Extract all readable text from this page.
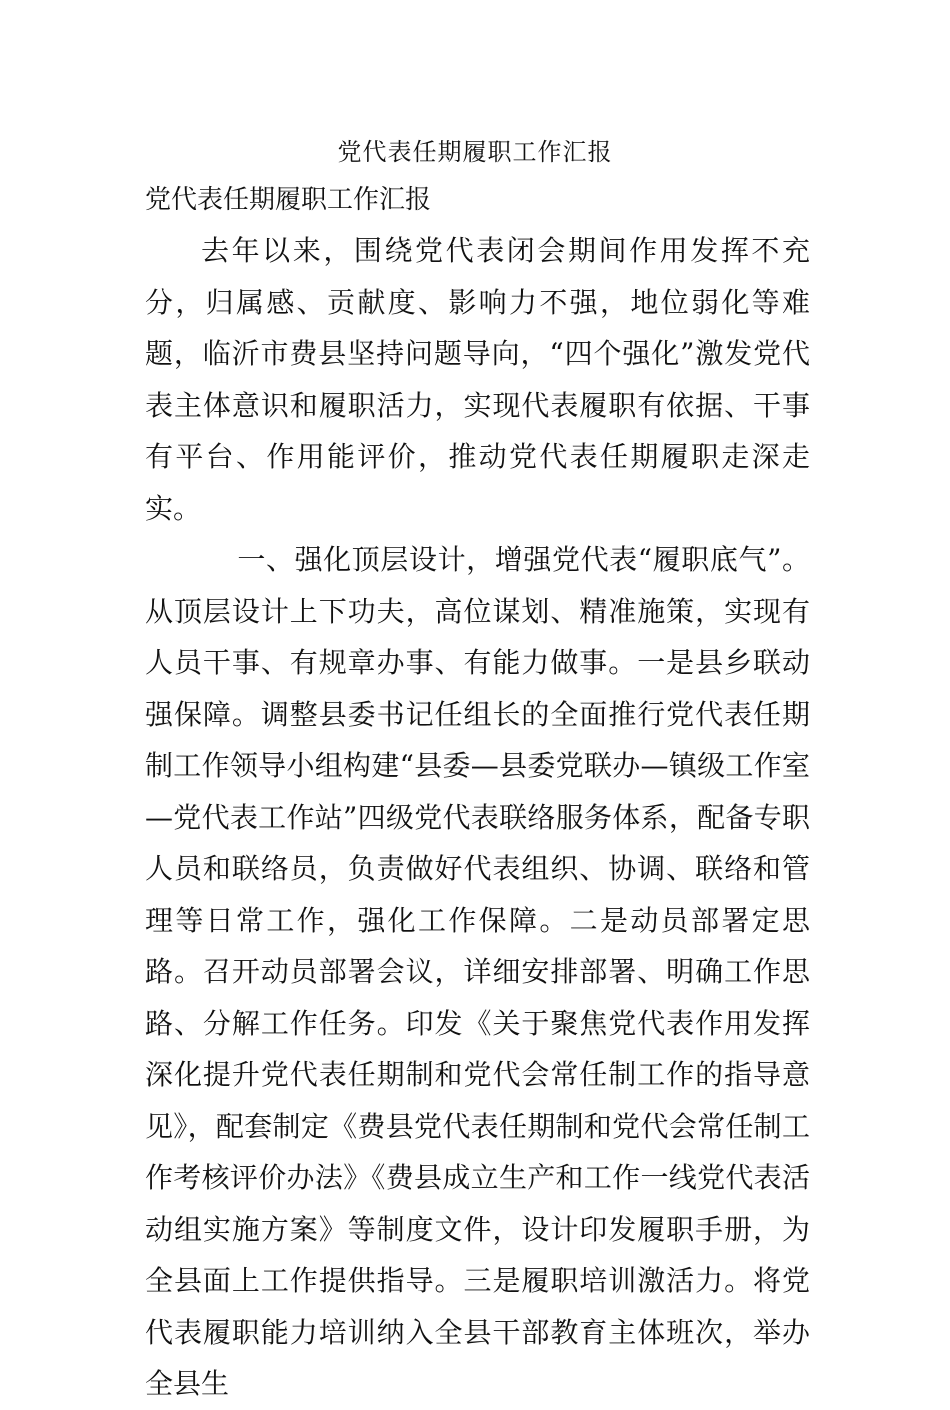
党代表任期履职工作汇报
党代表任期履职工作汇报

去年以来，围绕党代表闭会期间作用发挥不充分，归属感、贡献度、影响力不强，地位弱化等难题，临沂市费县坚持问题导向，“四个强化”激发党代表主体意识和履职活力，实现代表履职有依据、干事有平台、作用能评价，推动党代表任期履职走深走实。

一、强化顶层设计，增强党代表“履职底气”。从顶层设计上下功夫，高位谋划、精准施策，实现有人员干事、有规章办事、有能力做事。一是县乡联动强保障。调整县委书记任组长的全面推行党代表任期制工作领导小组构建“县委—县委党联办—镇级工作室—党代表工作站”四级党代表联络服务体系，配备专职人员和联络员，负责做好代表组织、协调、联络和管理等日常工作，强化工作保障。二是动员部署定思路。召开动员部署会议，详细安排部署、明确工作思路、分解工作任务。印发《关于聚焦党代表作用发挥深化提升党代表任期制和党代会常任制工作的指导意见》，配套制定《费县党代表任期制和党代会常任制工作考核评价办法》《费县成立生产和工作一线党代表活动组实施方案》等制度文件，设计印发履职手册，为全县面上工作提供指导。三是履职培训激活力。将党代表履职能力培训纳入全县干部教育主体班次，举办全县生
